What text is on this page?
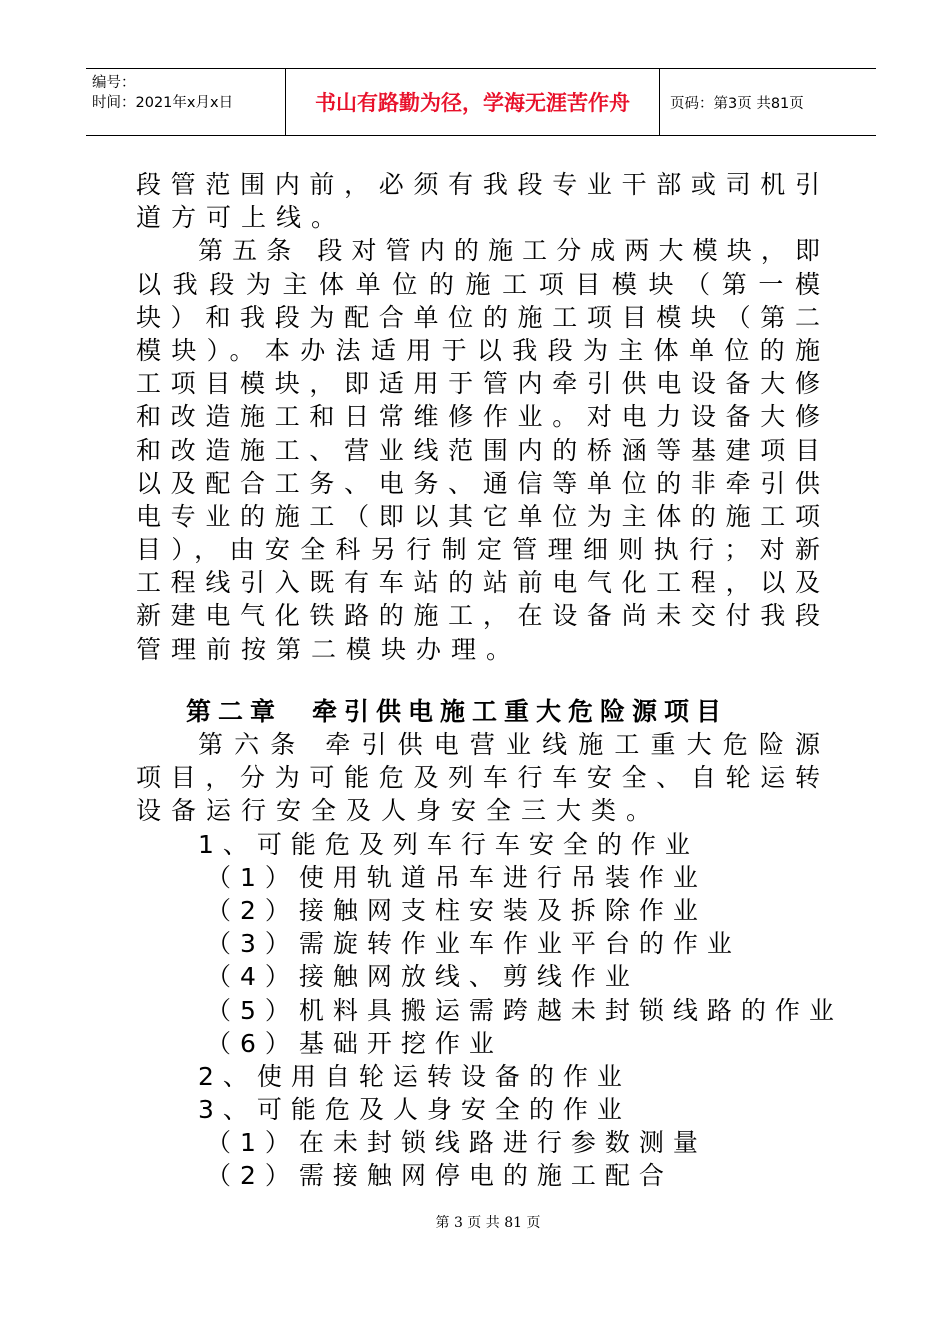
编号：
时间：2021年x月x日	书山有路勤为径，学海无涯苦作舟	页码：第3页 共81页
段管范围内前，必须有我段专业干部或司机引
道方可上线。
第五条 段对管内的施工分成两大模块，即
以我段为主体单位的施工项目模块（第一模
块）和我段为配合单位的施工项目模块（第二
模块）。本办法适用于以我段为主体单位的施
工项目模块，即适用于管内牵引供电设备大修
和改造施工和日常维修作业。对电力设备大修
和改造施工、营业线范围内的桥涵等基建项目
以及配合工务、电务、通信等单位的非牵引供
电专业的施工（即以其它单位为主体的施工项
目），由安全科另行制定管理细则执行；对新
工程线引入既有车站的站前电气化工程，以及
新建电气化铁路的施工，在设备尚未交付我段
管理前按第二模块办理。
第二章 牵引供电施工重大危险源项目
第六条 牵引供电营业线施工重大危险源
项目，分为可能危及列车行车安全、自轮运转
设备运行安全及人身安全三大类。
1、可能危及列车行车安全的作业
（1）使用轨道吊车进行吊装作业
（2）接触网支柱安装及拆除作业
（3）需旋转作业车作业平台的作业
（4）接触网放线、剪线作业
（5）机料具搬运需跨越未封锁线路的作业
（6）基础开挖作业
2、使用自轮运转设备的作业
3、可能危及人身安全的作业
（1）在未封锁线路进行参数测量
（2）需接触网停电的施工配合
第 3 页 共 81 页
